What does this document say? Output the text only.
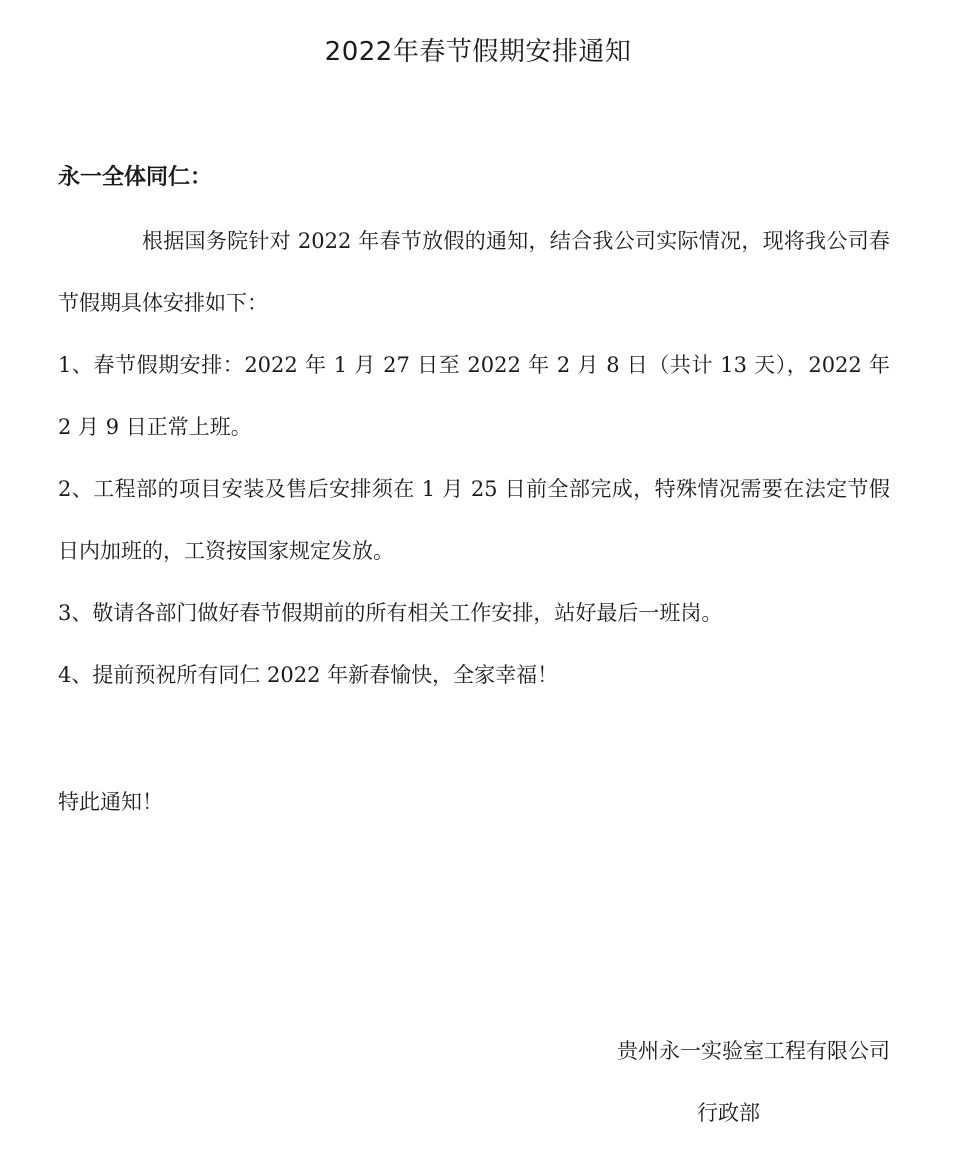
2022年春节假期安排通知
永一全体同仁：

根据国务院针对 2022 年春节放假的通知，结合我公司实际情况，现将我公司春节假期具体安排如下：

1、春节假期安排：2022 年 1 月 27 日至 2022 年 2 月 8 日（共计 13 天），2022 年 2 月 9 日正常上班。

2、工程部的项目安装及售后安排须在 1 月 25 日前全部完成，特殊情况需要在法定节假日内加班的，工资按国家规定发放。

3、敬请各部门做好春节假期前的所有相关工作安排，站好最后一班岗。

4、提前预祝所有同仁 2022 年新春愉快，全家幸福！

特此通知！
贵州永一实验室工程有限公司
行政部
